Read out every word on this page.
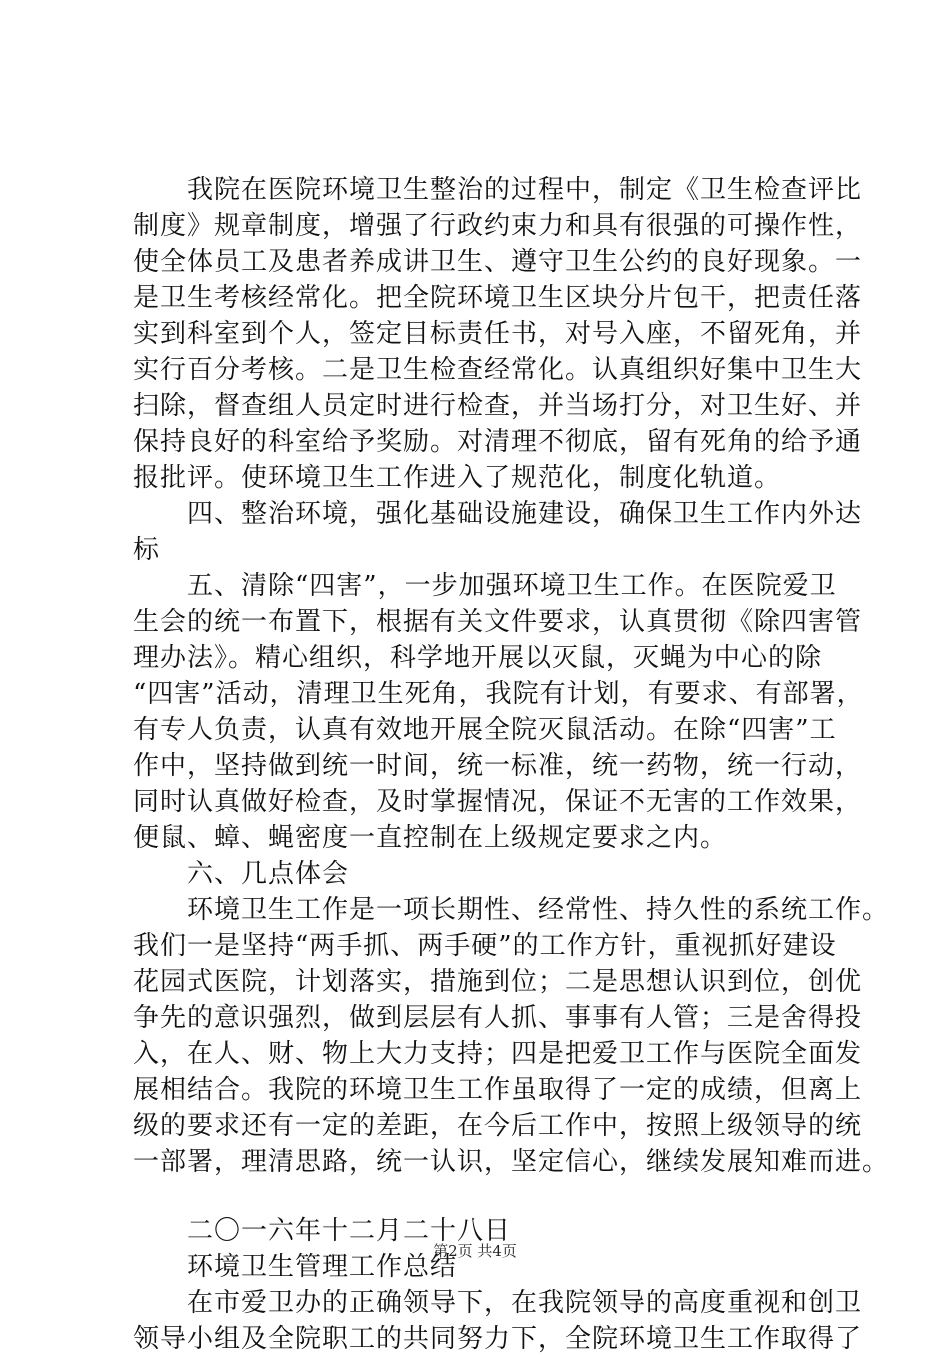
　　我院在医院环境卫生整治的过程中，制定《卫生检查评比
制度》规章制度，增强了行政约束力和具有很强的可操作性，
使全体员工及患者养成讲卫生、遵守卫生公约的良好现象。一
是卫生考核经常化。把全院环境卫生区块分片包干，把责任落
实到科室到个人，签定目标责任书，对号入座，不留死角，并
实行百分考核。二是卫生检查经常化。认真组织好集中卫生大
扫除，督查组人员定时进行检查，并当场打分，对卫生好、并
保持良好的科室给予奖励。对清理不彻底，留有死角的给予通
报批评。使环境卫生工作进入了规范化，制度化轨道。
　　四、整治环境，强化基础设施建设，确保卫生工作内外达
标
　　五、清除“四害”，一步加强环境卫生工作。在医院爱卫
生会的统一布置下，根据有关文件要求，认真贯彻《除四害管
理办法》。精心组织，科学地开展以灭鼠，灭蝇为中心的除
“四害”活动，清理卫生死角，我院有计划，有要求、有部署，
有专人负责，认真有效地开展全院灭鼠活动。在除“四害”工
作中，坚持做到统一时间，统一标准，统一药物，统一行动，
同时认真做好检查，及时掌握情况，保证不无害的工作效果，
便鼠、蟑、蝇密度一直控制在上级规定要求之内。
　　六、几点体会
　　环境卫生工作是一项长期性、经常性、持久性的系统工作。
我们一是坚持“两手抓、两手硬”的工作方针，重视抓好建设
花园式医院，计划落实，措施到位；二是思想认识到位，创优
争先的意识强烈，做到层层有人抓、事事有人管；三是舍得投
入，在人、财、物上大力支持；四是把爱卫工作与医院全面发
展相结合。我院的环境卫生工作虽取得了一定的成绩，但离上
级的要求还有一定的差距，在今后工作中，按照上级领导的统
一部署，理清思路，统一认识，坚定信心，继续发展知难而进。
　　二〇一六年十二月二十八日
　　环境卫生管理工作总结
　　在市爱卫办的正确领导下，在我院领导的高度重视和创卫
领导小组及全院职工的共同努力下，全院环境卫生工作取得了
第2页 共4页
